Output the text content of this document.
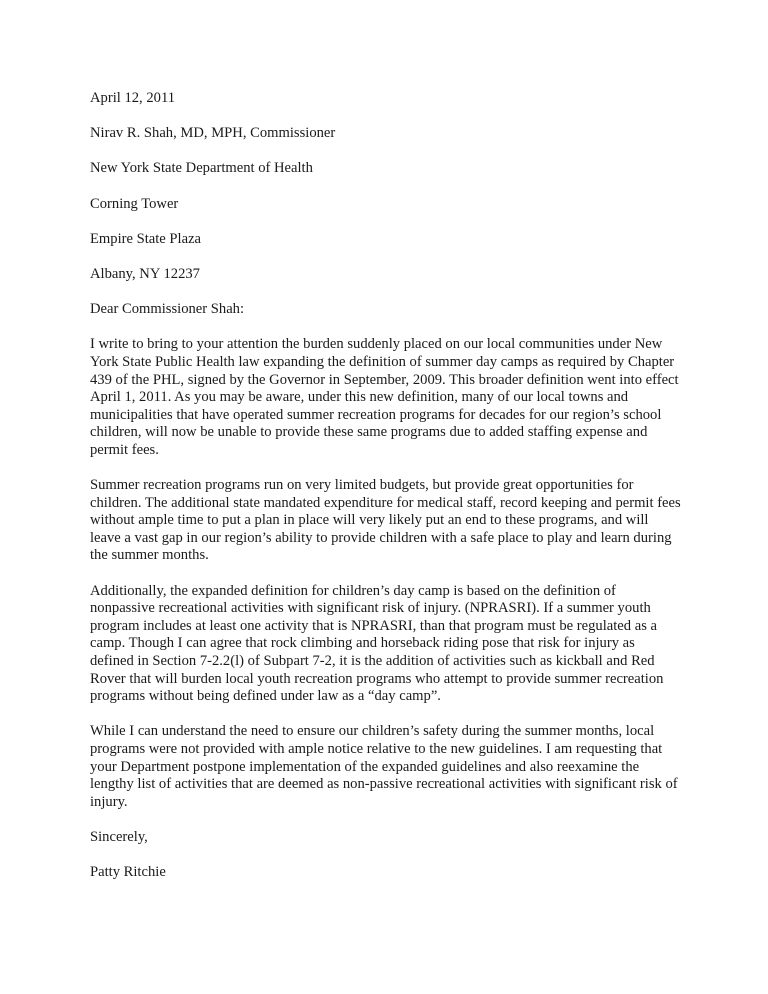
April 12, 2011

Nirav R. Shah, MD, MPH, Commissioner

New York State Department of Health

Corning Tower

Empire State Plaza

Albany, NY 12237

Dear Commissioner Shah:

I write to bring to your attention the burden suddenly placed on our local communities under New York State Public Health law expanding the definition of summer day camps as required by Chapter 439 of the PHL, signed by the Governor in September, 2009. This broader definition went into effect April 1, 2011. As you may be aware, under this new definition, many of our local towns and municipalities that have operated summer recreation programs for decades for our region’s school children, will now be unable to provide these same programs due to added staffing expense and permit fees.

Summer recreation programs run on very limited budgets, but provide great opportunities for children. The additional state mandated expenditure for medical staff, record keeping and permit fees without ample time to put a plan in place will very likely put an end to these programs, and will leave a vast gap in our region’s ability to provide children with a safe place to play and learn during the summer months.

Additionally, the expanded definition for children’s day camp is based on the definition of nonpassive recreational activities with significant risk of injury. (NPRASRI). If a summer youth program includes at least one activity that is NPRASRI, than that program must be regulated as a camp. Though I can agree that rock climbing and horseback riding pose that risk for injury as defined in Section 7-2.2(l) of Subpart 7-2, it is the addition of activities such as kickball and Red Rover that will burden local youth recreation programs who attempt to provide summer recreation programs without being defined under law as a “day camp”.

While I can understand the need to ensure our children’s safety during the summer months, local programs were not provided with ample notice relative to the new guidelines. I am requesting that your Department postpone implementation of the expanded guidelines and also reexamine the lengthy list of activities that are deemed as non-passive recreational activities with significant risk of injury.

Sincerely,

Patty Ritchie
